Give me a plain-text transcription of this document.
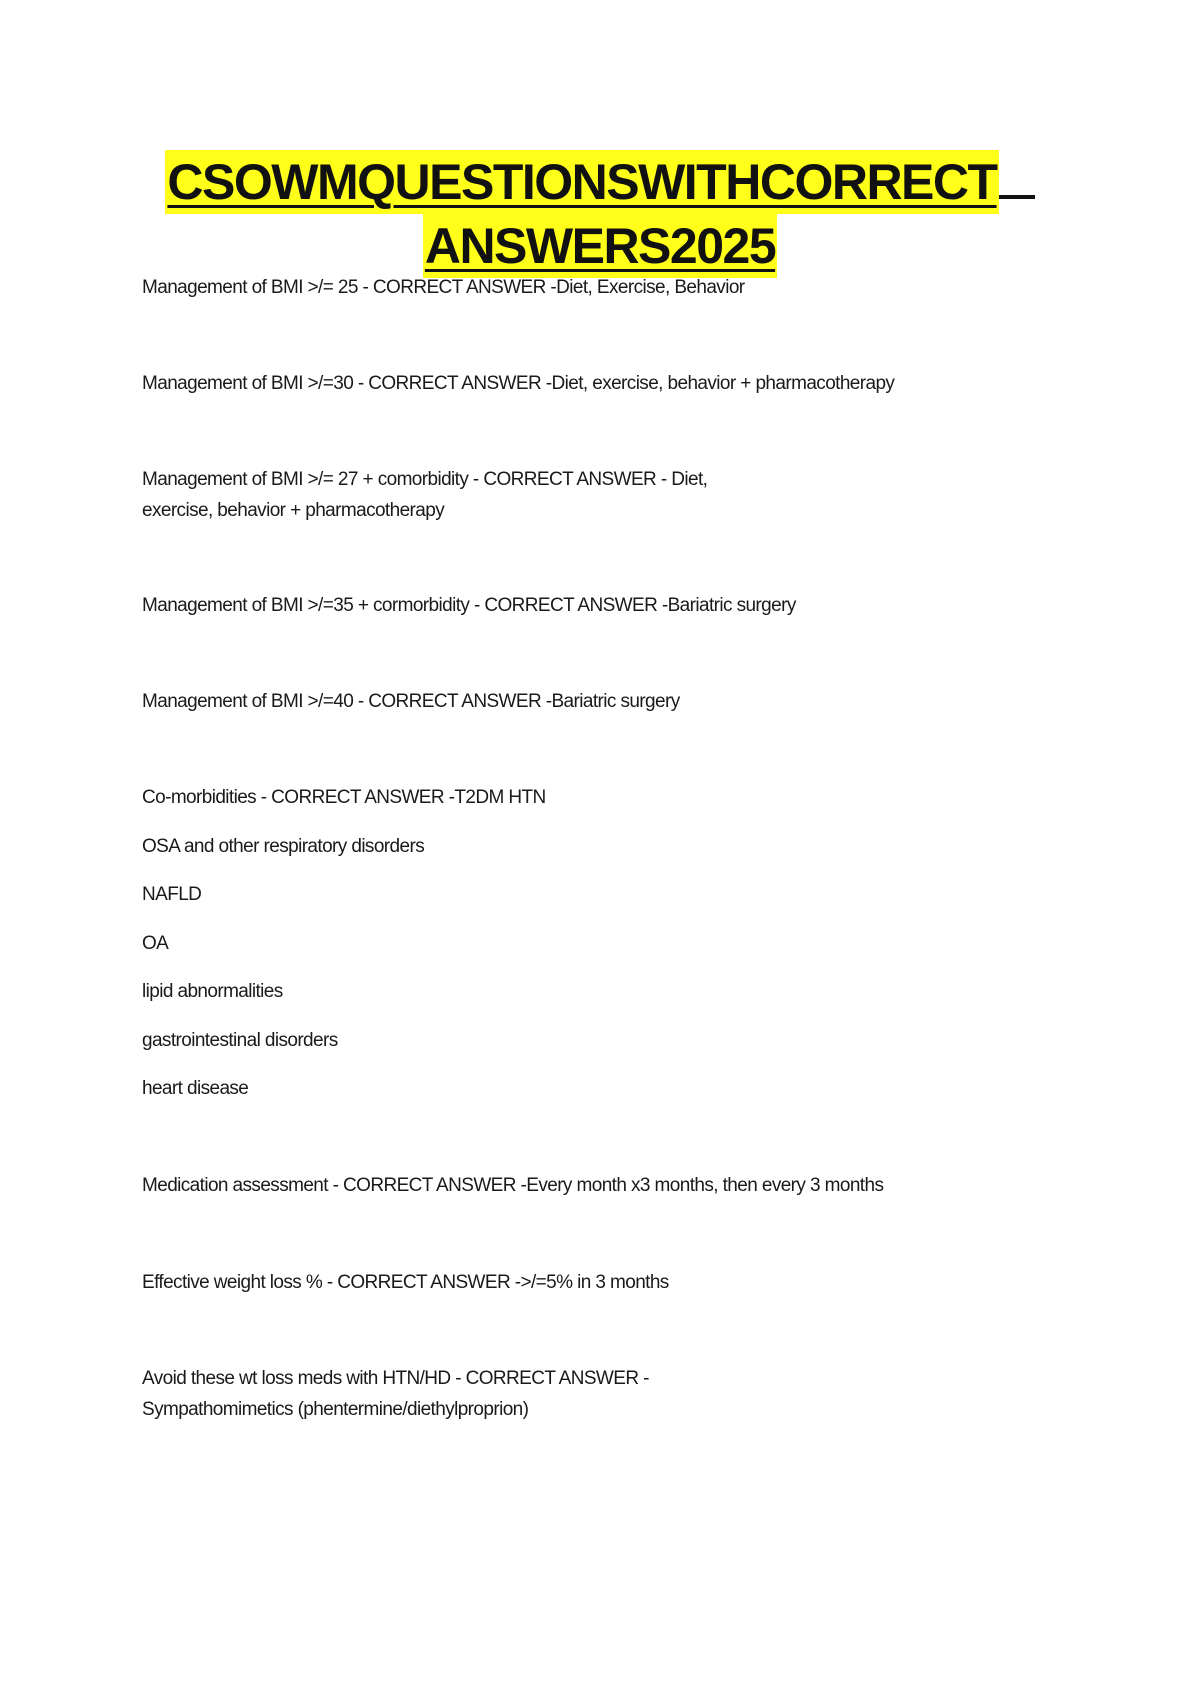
CSOWMQUESTIONSWITHCORRECT
ANSWERS2025
Management of BMI >/= 25 - CORRECT ANSWER -Diet, Exercise, Behavior
Management of BMI >/=30 - CORRECT ANSWER -Diet, exercise, behavior + pharmacotherapy
Management of BMI >/= 27 + comorbidity - CORRECT ANSWER - Diet,
exercise, behavior + pharmacotherapy
Management of BMI >/=35 + cormorbidity - CORRECT ANSWER -Bariatric surgery
Management of BMI >/=40 - CORRECT ANSWER -Bariatric surgery
Co-morbidities - CORRECT ANSWER -T2DM HTN
OSA and other respiratory disorders
NAFLD
OA
lipid abnormalities
gastrointestinal disorders
heart disease
Medication assessment - CORRECT ANSWER -Every month x3 months, then every 3 months
Effective weight loss % - CORRECT ANSWER ->/=5% in 3 months
Avoid these wt loss meds with HTN/HD - CORRECT ANSWER -
Sympathomimetics (phentermine/diethylproprion)
